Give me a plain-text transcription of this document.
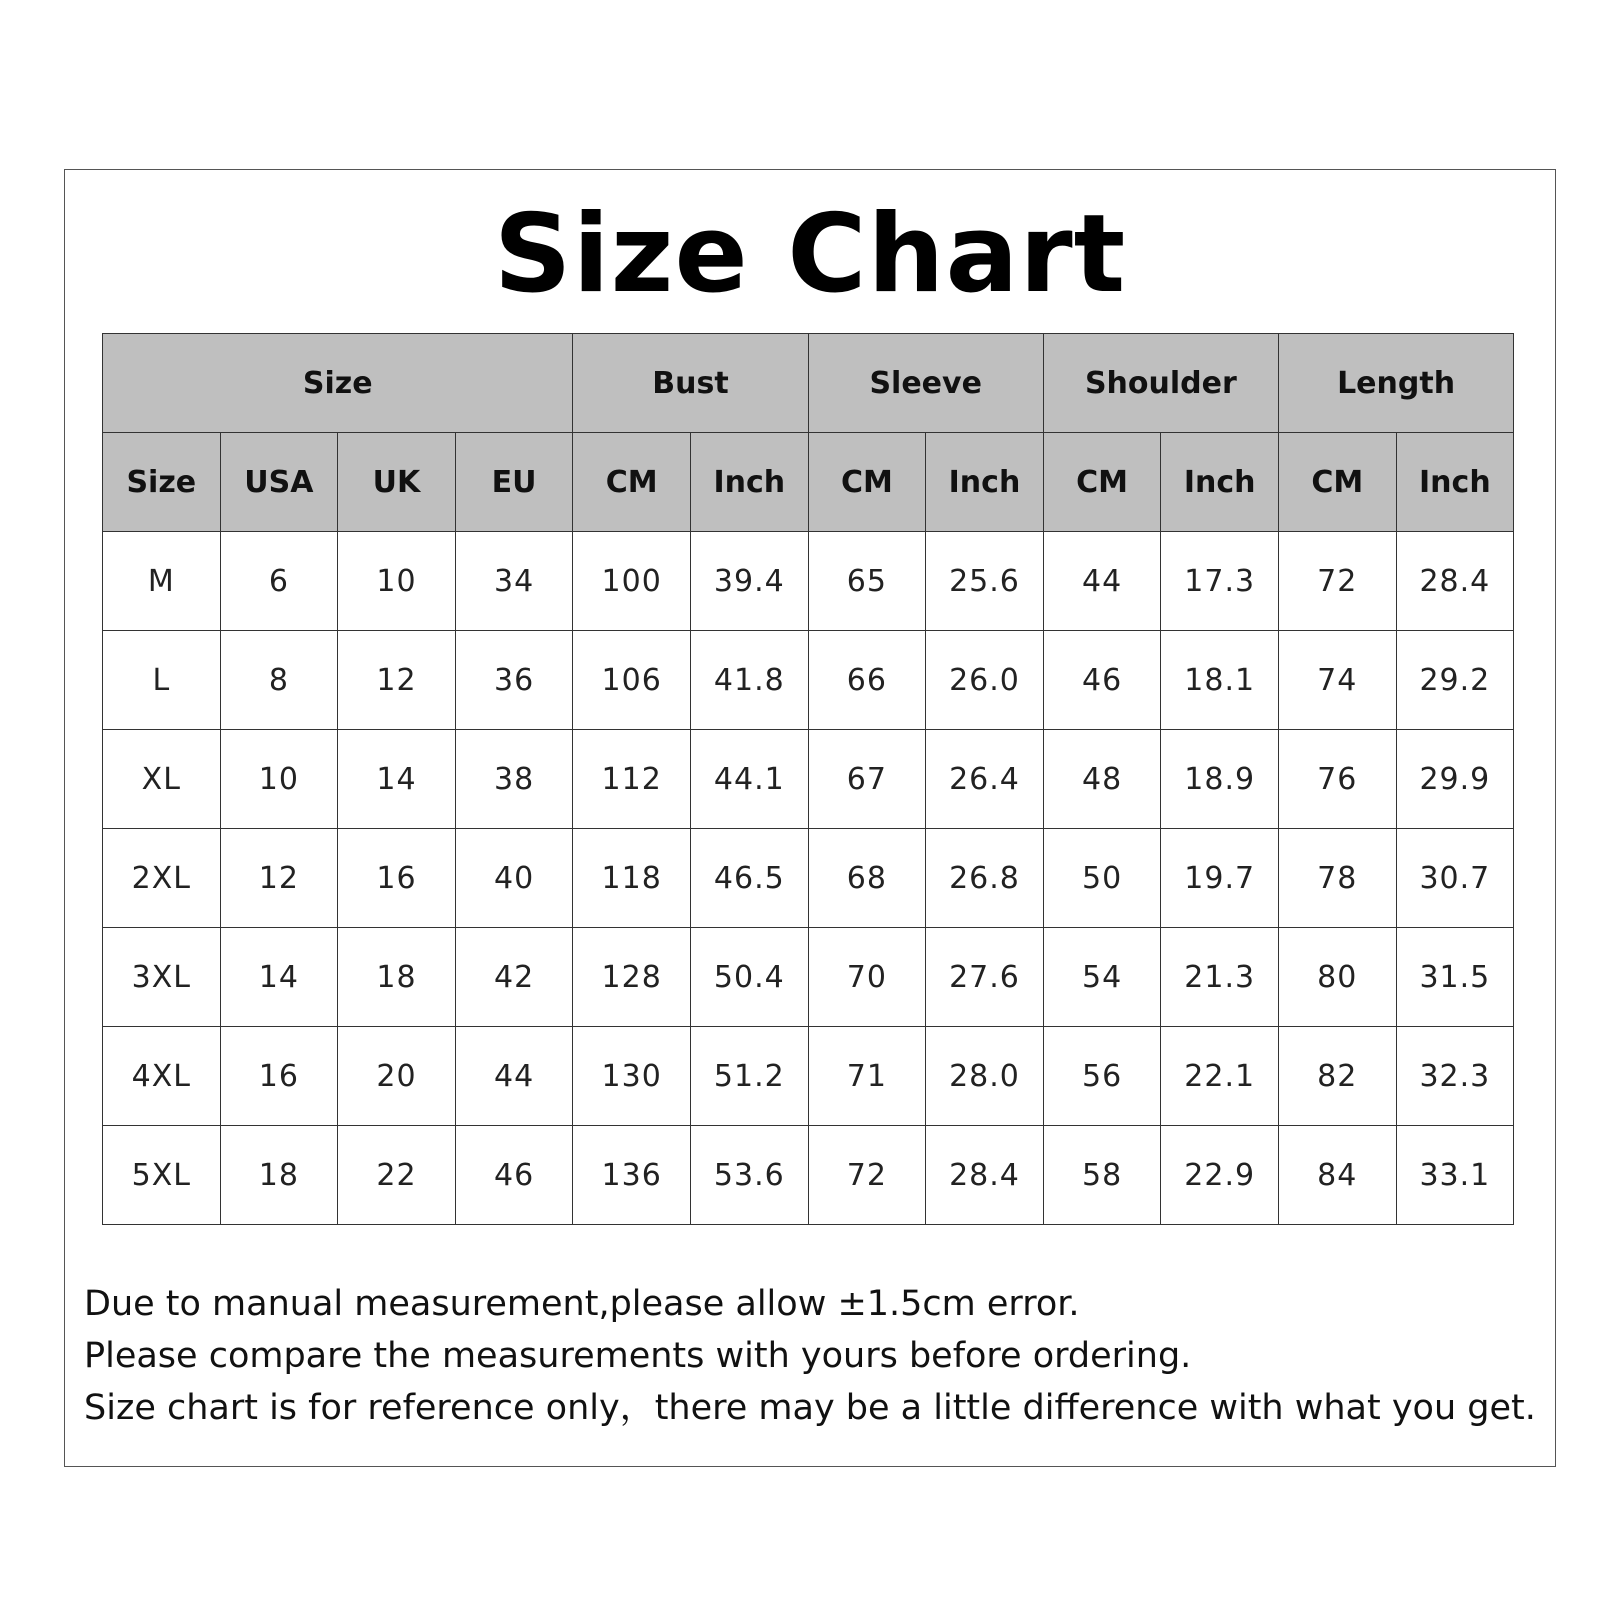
Size Chart
Size				Bust		Sleeve		Shoulder		Length	
Size	USA	UK	EU	CM	Inch	CM	Inch	CM	Inch	CM	Inch
M	6	10	34	100	39.4	65	25.6	44	17.3	72	28.4
L	8	12	36	106	41.8	66	26.0	46	18.1	74	29.2
XL	10	14	38	112	44.1	67	26.4	48	18.9	76	29.9
2XL	12	16	40	118	46.5	68	26.8	50	19.7	78	30.7
3XL	14	18	42	128	50.4	70	27.6	54	21.3	80	31.5
4XL	16	20	44	130	51.2	71	28.0	56	22.1	82	32.3
5XL	18	22	46	136	53.6	72	28.4	58	22.9	84	33.1
Due to manual measurement,please allow ±1.5cm error.
Please compare the measurements with yours before ordering.
Size chart is for reference only，there may be a little difference with what you get.
